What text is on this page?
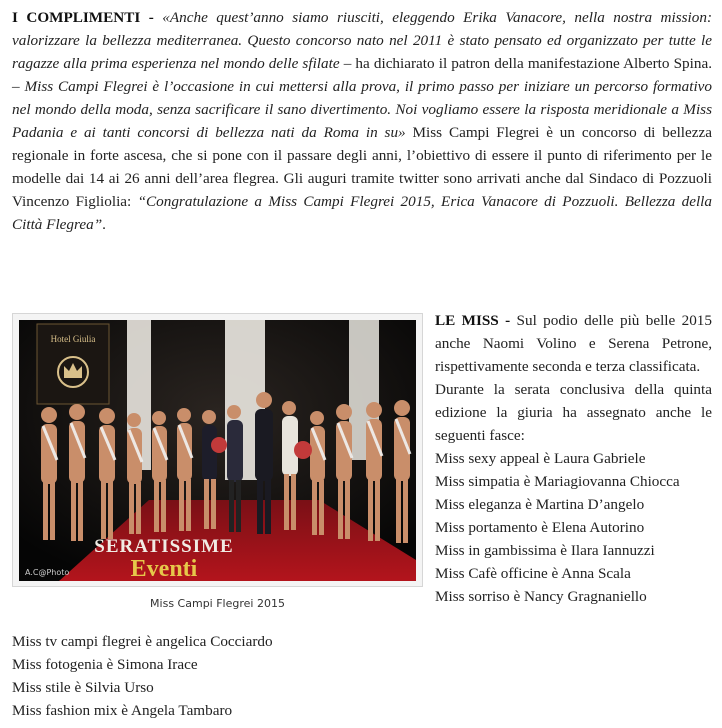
I COMPLIMENTI - «Anche quest’anno siamo riusciti, eleggendo Erika Vanacore, nella nostra mission: valorizzare la bellezza mediterranea. Questo concorso nato nel 2011 è stato pensato ed organizzato per tutte le ragazze alla prima esperienza nel mondo delle sfilate – ha dichiarato il patron della manifestazione Alberto Spina. – Miss Campi Flegrei è l’occasione in cui mettersi alla prova, il primo passo per iniziare un percorso formativo nel mondo della moda, senza sacrificare il sano divertimento. Noi vogliamo essere la risposta meridionale a Miss Padania e ai tanti concorsi di bellezza nati da Roma in su» Miss Campi Flegrei è un concorso di bellezza regionale in forte ascesa, che si pone con il passare degli anni, l’obiettivo di essere il punto di riferimento per le modelle dai 14 ai 26 anni dell’area flegrea. Gli auguri tramite twitter sono arrivati anche dal Sindaco di Pozzuoli Vincenzo Figliolia: “Congratulazione a Miss Campi Flegrei 2015, Erica Vanacore di Pozzuoli. Bellezza della Città Flegrea”.

Hotel Giulia
SERATISSIME
Eventi
A.C@Photo
Miss Campi Flegrei 2015

LE MISS - Sul podio delle più belle 2015 anche Naomi Volino e Serena Petrone, rispettivamente seconda e terza classificata.

Durante la serata conclusiva della quinta edizione la giuria ha assegnato anche le seguenti fasce:

Miss sexy appeal è Laura Gabriele
Miss simpatia è Mariagiovanna Chiocca
Miss eleganza è Martina D’angelo
Miss portamento è Elena Autorino
Miss in gambissima è Ilara Iannuzzi
Miss Cafè officine è Anna Scala
Miss sorriso è Nancy Gragnaniello
Miss tv campi flegrei è angelica Cocciardo
Miss fotogenia è Simona Irace
Miss stile è Silvia Urso
Miss fashion mix è Angela Tambaro
